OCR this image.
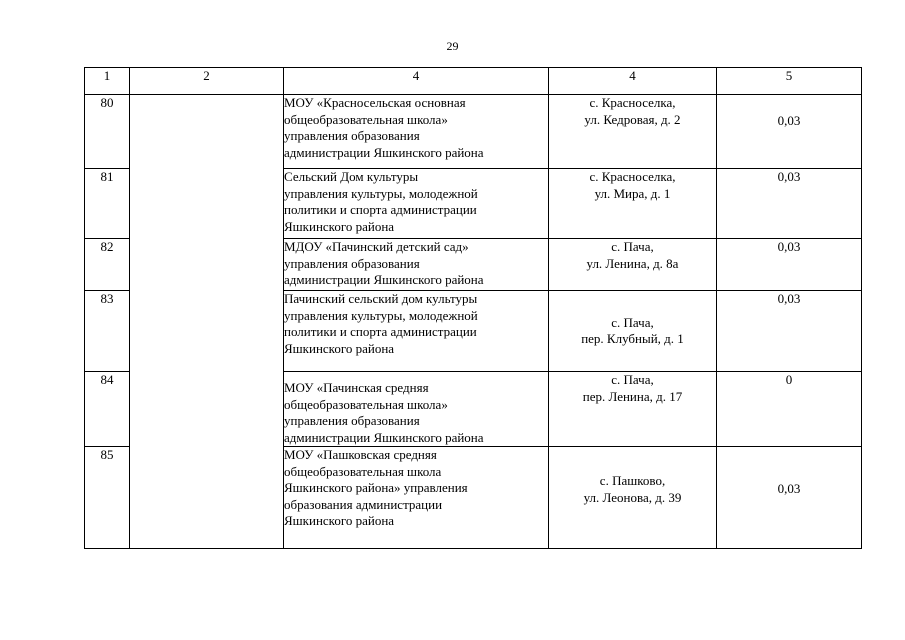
29
1	2	4	4	5
80		МОУ «Красносельская основная
общеобразовательная школа»
управления образования
администрации Яшкинского района	с. Красноселка,
ул. Кедровая, д. 2	0,03
81		Сельский Дом культуры
управления культуры, молодежной
политики и спорта администрации
Яшкинского района	с. Красноселка,
ул. Мира, д. 1	0,03
82		МДОУ «Пачинский детский сад»
управления образования
администрации Яшкинского района	с. Пача,
ул. Ленина, д. 8а	0,03
83		Пачинский сельский дом культуры
управления культуры, молодежной
политики и спорта администрации
Яшкинского района	с. Пача,
пер. Клубный, д. 1	0,03
84		МОУ «Пачинская средняя
общеобразовательная школа»
управления образования
администрации Яшкинского района	с. Пача,
пер. Ленина, д. 17	0
85		МОУ «Пашковская средняя
общеобразовательная школа
Яшкинского района» управления
образования администрации
Яшкинского района	с. Пашково,
ул. Леонова, д. 39	0,03
